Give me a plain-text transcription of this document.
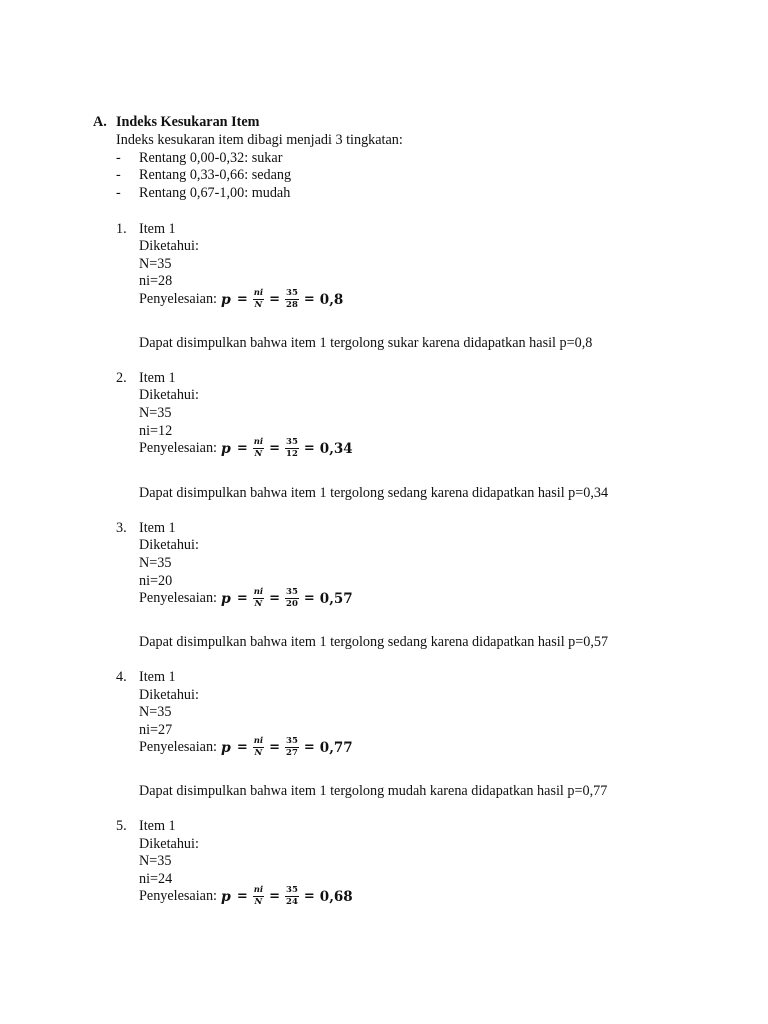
A. Indeks Kesukaran Item
Indeks kesukaran item dibagi menjadi 3 tingkatan:
- Rentang 0,00-0,32: sukar
- Rentang 0,33-0,66: sedang
- Rentang 0,67-1,00: mudah
1. Item 1
Diketahui:
N=35
ni=28
Penyelesaian: $p = \frac{ni}{N} = \frac{35}{28} = 0,8$
Dapat disimpulkan bahwa item 1 tergolong sukar karena didapatkan hasil p=0,8
2. Item 1
Diketahui:
N=35
ni=12
Penyelesaian: $p = \frac{ni}{N} = \frac{35}{12} = 0,34$
Dapat disimpulkan bahwa item 1 tergolong sedang karena didapatkan hasil p=0,34
3. Item 1
Diketahui:
N=35
ni=20
Penyelesaian: $p = \frac{ni}{N} = \frac{35}{20} = 0,57$
Dapat disimpulkan bahwa item 1 tergolong sedang karena didapatkan hasil p=0,57
4. Item 1
Diketahui:
N=35
ni=27
Penyelesaian: $p = \frac{ni}{N} = \frac{35}{27} = 0,77$
Dapat disimpulkan bahwa item 1 tergolong mudah karena didapatkan hasil p=0,77
5. Item 1
Diketahui:
N=35
ni=24
Penyelesaian: $p = \frac{ni}{N} = \frac{35}{24} = 0,68$
